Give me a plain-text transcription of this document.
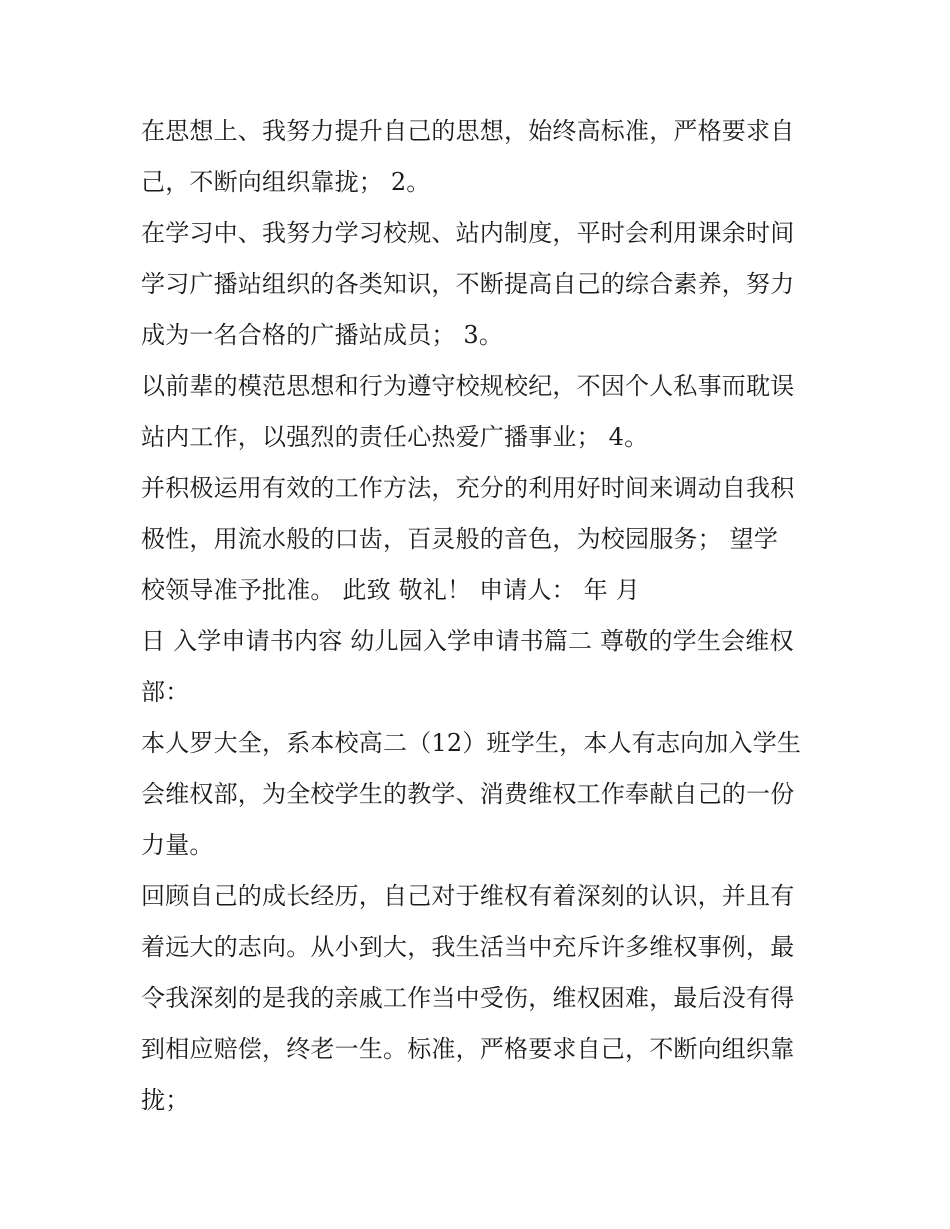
在思想上、我努力提升自己的思想，始终高标准，严格要求自
己，不断向组织靠拢； 2。
在学习中、我努力学习校规、站内制度，平时会利用课余时间
学习广播站组织的各类知识，不断提高自己的综合素养，努力
成为一名合格的广播站成员； 3。
以前辈的模范思想和行为遵守校规校纪，不因个人私事而耽误
站内工作，以强烈的责任心热爱广播事业； 4。
并积极运用有效的工作方法，充分的利用好时间来调动自我积
极性，用流水般的口齿，百灵般的音色，为校园服务； 望学
校领导准予批准。 此致 敬礼！ 申请人： 年 月
日 入学申请书内容 幼儿园入学申请书篇二 尊敬的学生会维权
部：
本人罗大全，系本校高二（12）班学生，本人有志向加入学生
会维权部，为全校学生的教学、消费维权工作奉献自己的一份
力量。
回顾自己的成长经历，自己对于维权有着深刻的认识，并且有
着远大的志向。从小到大，我生活当中充斥许多维权事例，最
令我深刻的是我的亲戚工作当中受伤，维权困难，最后没有得
到相应赔偿，终老一生。标准，严格要求自己，不断向组织靠
拢；
